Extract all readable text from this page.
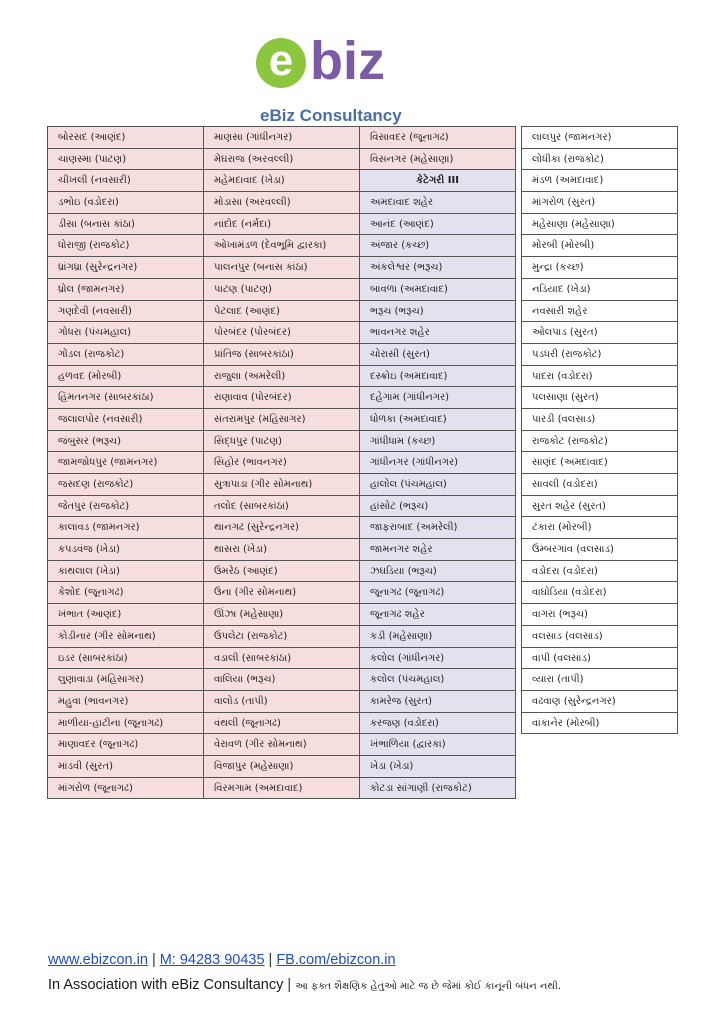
e biz
eBiz Consultancy
બોરસદ (આણંદ)
ચાણસ્મા (પાટણ)
ચીખલી (નવસારી)
ડભોઇ (વડોદરા)
ડીસા (બનાસ કાંઠા)
ધોરાજી (રાજકોટ)
ધ્રાંગધ્રા (સુરેન્દ્રનગર)
ધ્રોલ (જામનગર)
ગણદેવી (નવસારી)
ગોધરા (પંચમહાલ)
ગોંડલ (રાજકોટ)
હળવદ (મોરબી)
હિંમતનગર (સાબરકાંઠા)
જલાલપોર (નવસારી)
જંબુસર (ભરૂચ)
જામજોધપુર (જામનગર)
જસદણ (રાજકોટ)
જેતપુર (રાજકોટ)
કાલાવડ (જામનગર)
કપડવંજ (ખેડા)
કાથલાલ (ખેડા)
કેશોદ (જૂનાગઢ)
ખંભાત (આણંદ)
કોડીનાર (ગીર સોમનાથ)
ઇડર (સાબરકાંઠા)
લુણાવાડા (મહિસાગર)
મહુવા (ભાવનગર)
માળીયા-હાટીના (જૂનાગઢ)
માણાવદર (જૂનાગઢ)
માંડવી (સુરત)
માંગરોળ (જૂનાગઢ)
માણસા (ગાંધીનગર)
મેઘરાજ (અરવલ્લી)
મહેમદાવાદ (ખેડા)
મોડાસા (અરવલ્લી)
નાંદોદ (નર્મદા)
ઓખામંડળ (દેવભૂમિ દ્વારકા)
પાલનપુર (બનાસ કાંઠા)
પાટણ (પાટણ)
પેટલાદ (આણંદ)
પોરબંદર (પોરબંદર)
પ્રાંતિજ (સાબરકાંઠા)
રાજુલા (અમરેલી)
રાણાવાવ (પોરબંદર)
સંતરામપુર (મહિસાગર)
સિદ્ધપુર (પાટણ)
સિહોર (ભાવનગર)
સુત્રાપાડા (ગીર સોમનાથ)
તલોદ (સાબરકાંઠા)
થાનગઢ (સુરેન્દ્રનગર)
થાસરા (ખેડા)
ઉમરેઠ (આણંદ)
ઉના (ગીર સોમનાથ)
ઊંઝા (મહેસાણા)
ઉપલેટા (રાજકોટ)
વડાલી (સાબરકાંઠા)
વાલિયા (ભરૂચ)
વાલોડ (તાપી)
વંથલી (જૂનાગઢ)
વેરાવળ (ગીર સોમનાથ)
વિજાપુર (મહેસાણા)
વિરમગામ (અમદાવાદ)
વિસાવદર (જૂનાગઢ)
વિસનગર (મહેસાણા)
કેટેગરી III
અમદાવાદ શહેર
આનંદ (આણંદ)
અંજાર (કચ્છ)
અંકલેશ્વર (ભરૂચ)
બાવળા (અમદાવાદ)
ભરૂચ (ભરૂચ)
ભાવનગર શહેર
ચોરાસી (સુરત)
દસ્ક્રોઇ (અમદાવાદ)
દહેગામ (ગાંધીનગર)
ધોળકા (અમદાવાદ)
ગાંધીધામ (કચ્છ)
ગાંધીનગર (ગાંધીનગર)
હાલોલ (પંચમહાલ)
હાંસોટ (ભરૂચ)
જાફરાબાદ (અમરેલી)
જામનગર શહેર
ઝઘડિયા (ભરૂચ)
જૂનાગઢ (જૂનાગઢ)
જૂનાગઢ શહેર
કડી (મહેસાણા)
કલોલ (ગાંધીનગર)
કલોલ (પંચમહાલ)
કામરેજ (સુરત)
કરજણ (વડોદરા)
ખંભાળિયા (દ્વારકા)
ખેડા (ખેડા)
કોટડા સાંગાણી (રાજકોટ)
લાલપુર (જામનગર)
લોધીકા (રાજકોટ)
મંડળ (અમદાવાદ)
માંગરોળ (સુરત)
મહેસાણા (મહેસાણા)
મોરબી (મોરબી)
મુન્દ્રા (કચ્છ)
નડિયાદ (ખેડા)
નવસારી શહેર
ઓલપાડ (સુરત)
પડધરી (રાજકોટ)
પાદરા (વડોદરા)
પલસાણા (સુરત)
પારડી (વલસાડ)
રાજકોટ (રાજકોટ)
સાણંદ (અમદાવાદ)
સાવલી (વડોદરા)
સુરત શહેર (સુરત)
ટંકારા (મોરબી)
ઉમ્બરગાંવ (વલસાડ)
વડોદરા (વડોદરા)
વાઘોડિયા (વડોદરા)
વાગરા (ભરૂચ)
વલસાડ (વલસાડ)
વાપી (વલસાડ)
વ્યારા (તાપી)
વઢવાણ (સુરેન્દ્રનગર)
વાંકાનેર (મોરબી)
www.ebizcon.in | M: 94283 90435 | FB.com/ebizcon.in
In Association with eBiz Consultancy | આ ફક્ત શૈક્ષણિક હેતુઓ માટે જ છે જેમાં કોઈ કાનૂની બંધન નથી.
